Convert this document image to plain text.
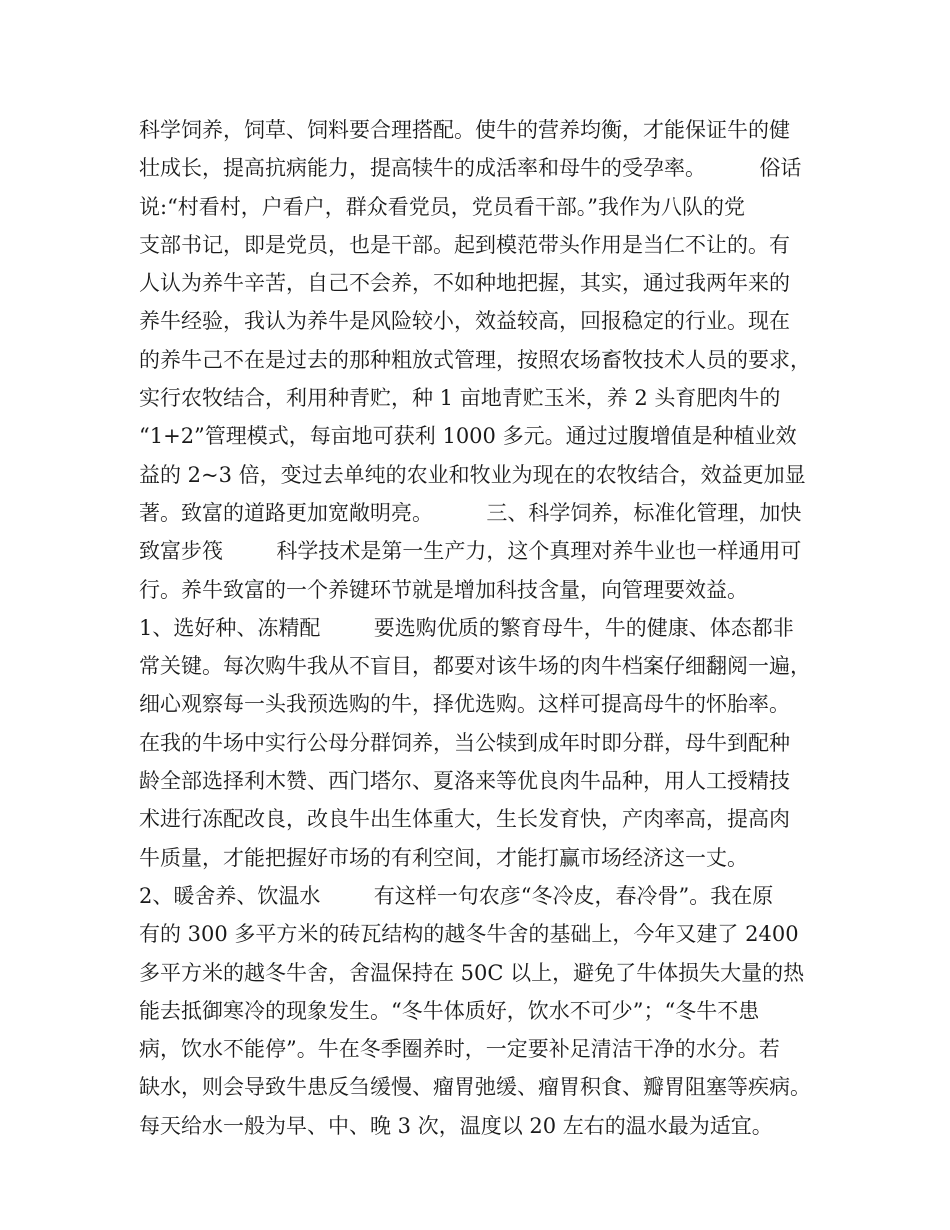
科学饲养，饲草、饲料要合理搭配。使牛的营养均衡，才能保证牛的健
壮成长，提高抗病能力，提高犊牛的成活率和母牛的受孕率。        俗话
说:“村看村，户看户，群众看党员，党员看干部。”我作为八队的党
支部书记，即是党员，也是干部。起到模范带头作用是当仁不让的。有
人认为养牛辛苦，自己不会养，不如种地把握，其实，通过我两年来的
养牛经验，我认为养牛是风险较小，效益较高，回报稳定的行业。现在
的养牛己不在是过去的那种粗放式管理，按照农场畜牧技术人员的要求，
实行农牧结合，利用种青贮，种 1 亩地青贮玉米，养 2 头育肥肉牛的
“1+2”管理模式，每亩地可获利 1000 多元。通过过腹增值是种植业效
益的 2~3 倍，变过去单纯的农业和牧业为现在的农牧结合，效益更加显
著。致富的道路更加宽敞明亮。        三、科学饲养，标准化管理，加快
致富步筏        科学技术是第一生产力，这个真理对养牛业也一样通用可
行。养牛致富的一个养键环节就是增加科技含量，向管理要效益。
1、选好种、冻精配        要选购优质的繁育母牛，牛的健康、体态都非
常关键。每次购牛我从不盲目，都要对该牛场的肉牛档案仔细翻阅一遍，
细心观察每一头我预选购的牛，择优选购。这样可提高母牛的怀胎率。
在我的牛场中实行公母分群饲养，当公犊到成年时即分群，母牛到配种
龄全部选择利木赞、西门塔尔、夏洛来等优良肉牛品种，用人工授精技
术进行冻配改良，改良牛出生体重大，生长发育快，产肉率高，提高肉
牛质量，才能把握好市场的有利空间，才能打赢市场经济这一丈。
2、暖舍养、饮温水        有这样一句农彦“冬冷皮，春冷骨”。我在原
有的 300 多平方米的砖瓦结构的越冬牛舍的基础上，今年又建了 2400
多平方米的越冬牛舍，舍温保持在 50C 以上，避免了牛体损失大量的热
能去抵御寒冷的现象发生。“冬牛体质好，饮水不可少”；“冬牛不患
病，饮水不能停”。牛在冬季圈养时，一定要补足清洁干净的水分。若
缺水，则会导致牛患反刍缓慢、瘤胃弛缓、瘤胃积食、瓣胃阻塞等疾病。
每天给水一般为早、中、晚 3 次，温度以 20 左右的温水最为适宜。
